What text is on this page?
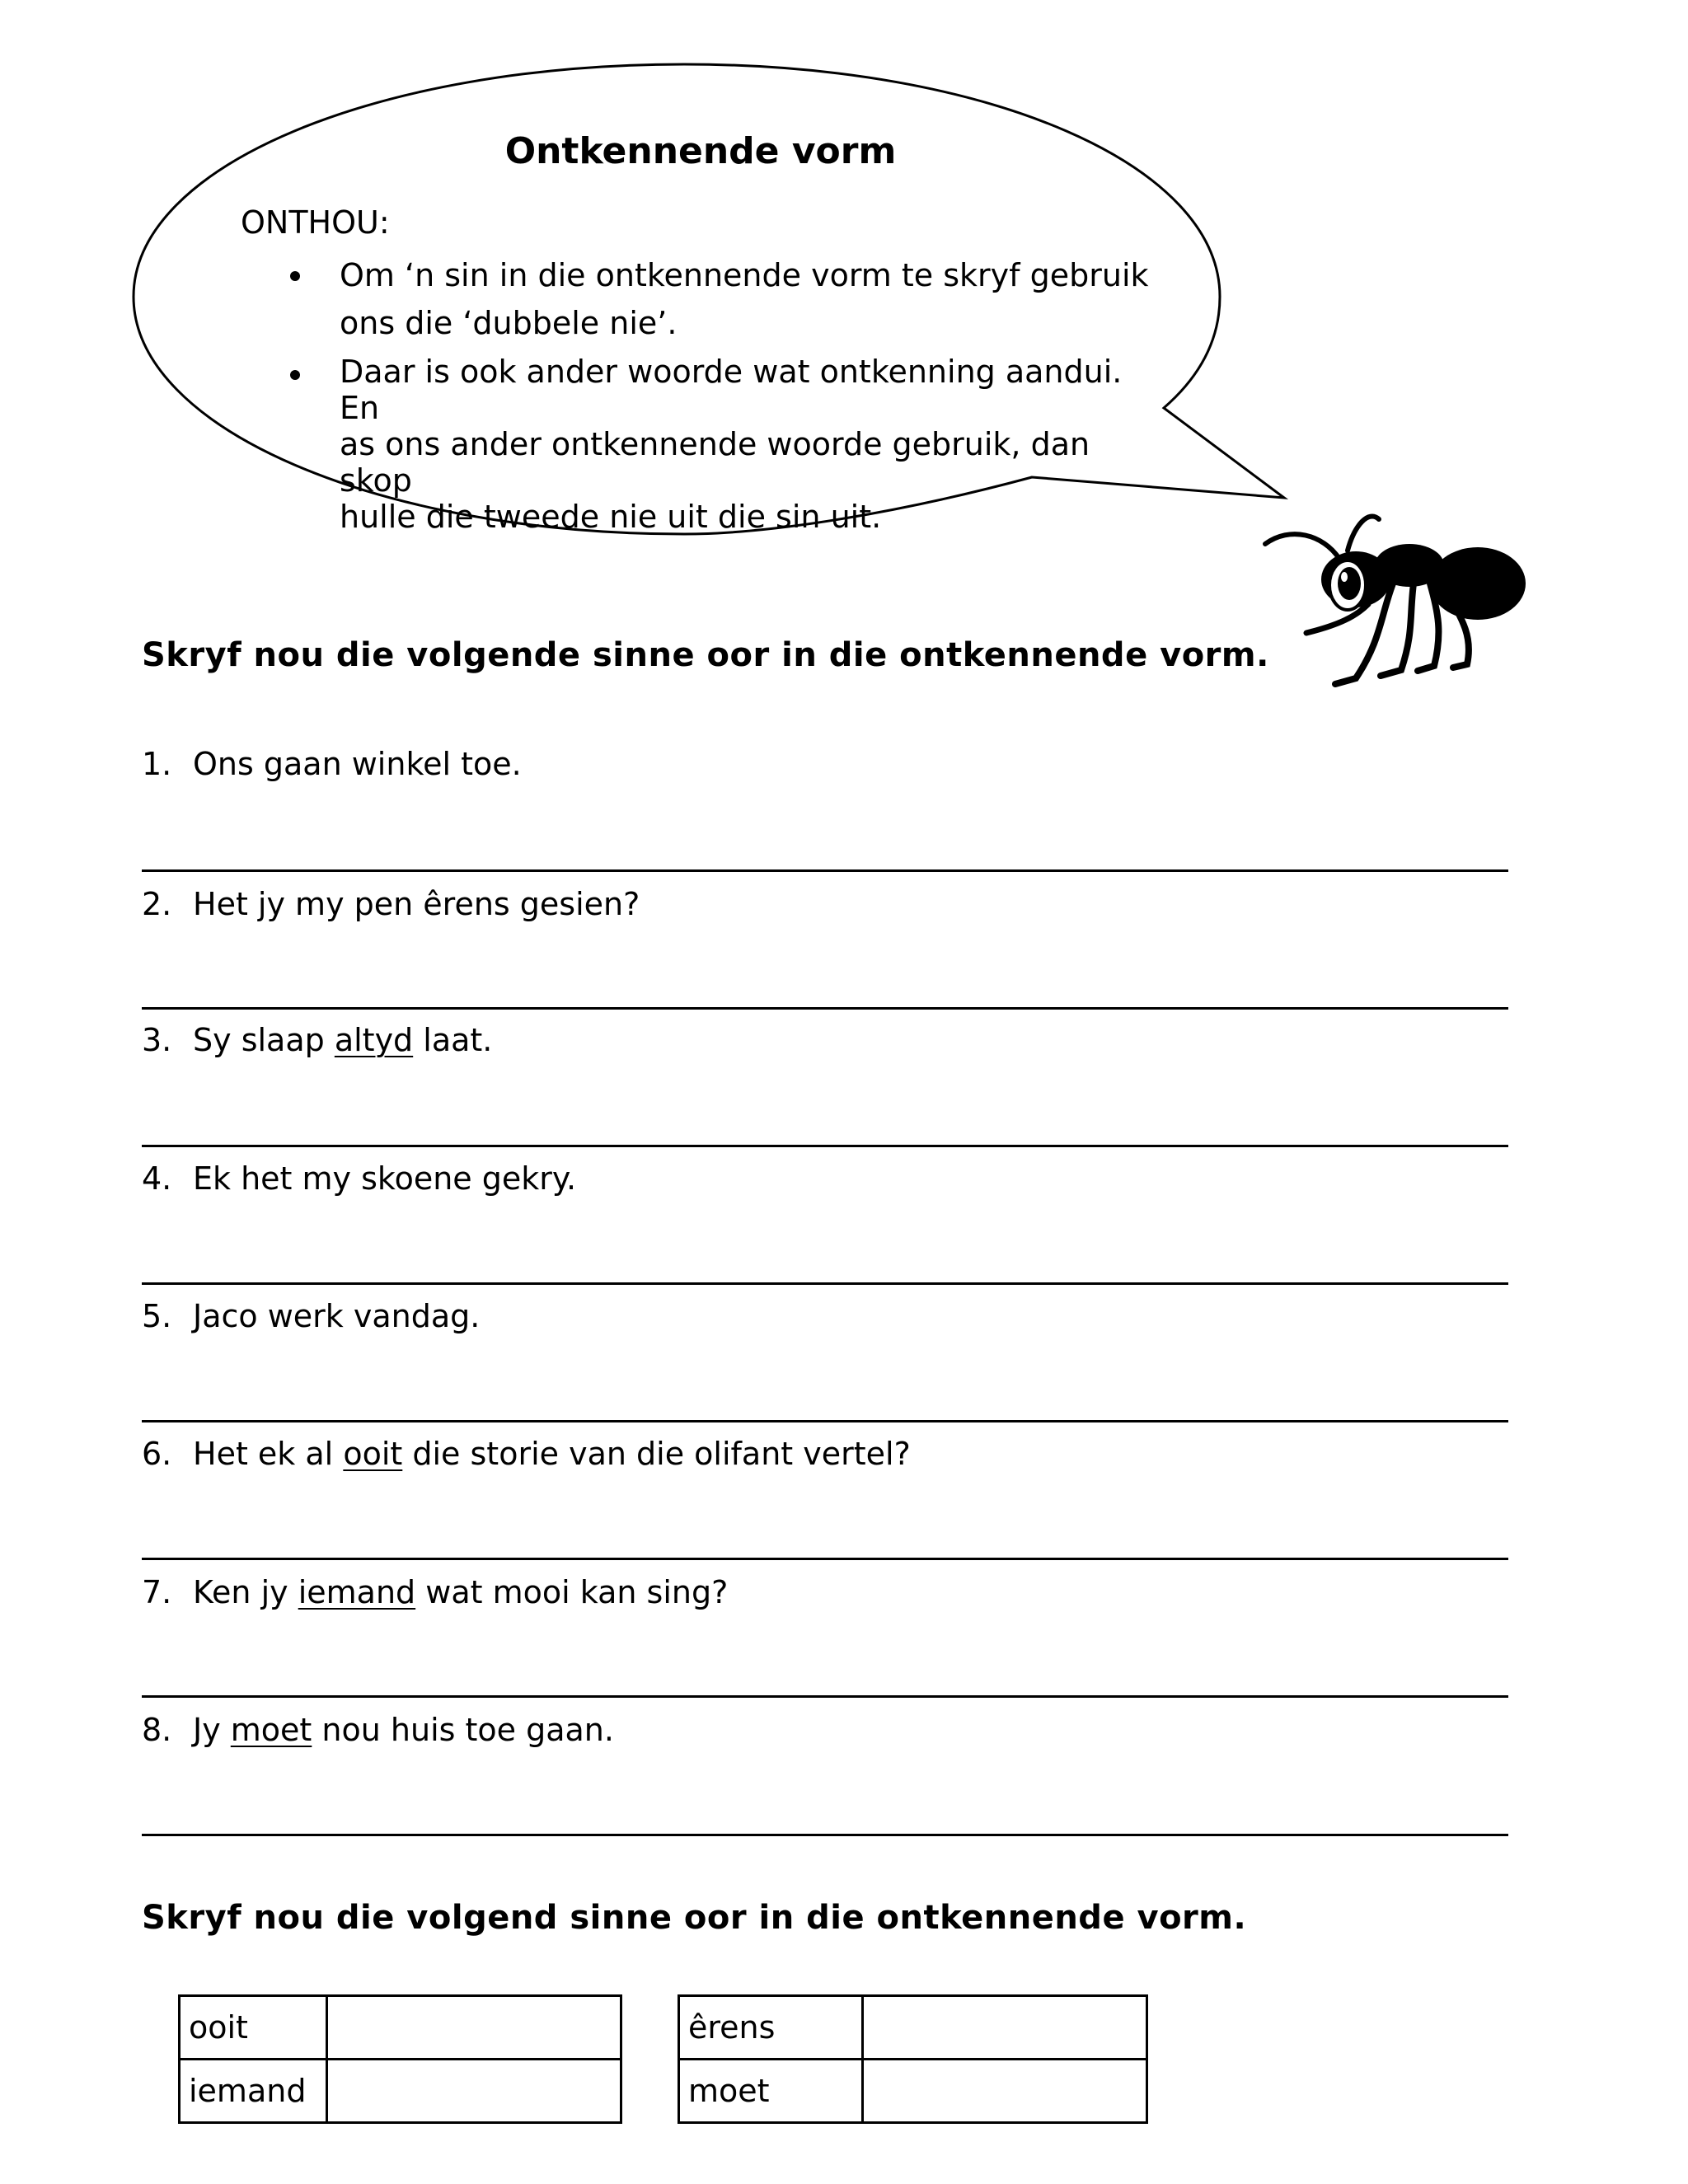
Ontkennende vorm
ONTHOU:
Om ‘n sin in die ontkennende vorm te skryf gebruik
ons die ‘dubbele nie’.
Daar is ook ander woorde wat ontkenning aandui. En
as ons ander ontkennende woorde gebruik, dan skop
hulle die tweede nie uit die sin uit.
Skryf nou die volgende sinne oor in die ontkennende vorm.
1. Ons gaan winkel toe.
2. Het jy my pen êrens gesien?
3. Sy slaap altyd laat.
4. Ek het my skoene gekry.
5. Jaco werk vandag.
6. Het ek al ooit die storie van die olifant vertel?
7. Ken jy iemand wat mooi kan sing?
8. Jy moet nou huis toe gaan.
Skryf nou die volgend sinne oor in die ontkennende vorm.
ooit	
iemand	
êrens	
moet	
